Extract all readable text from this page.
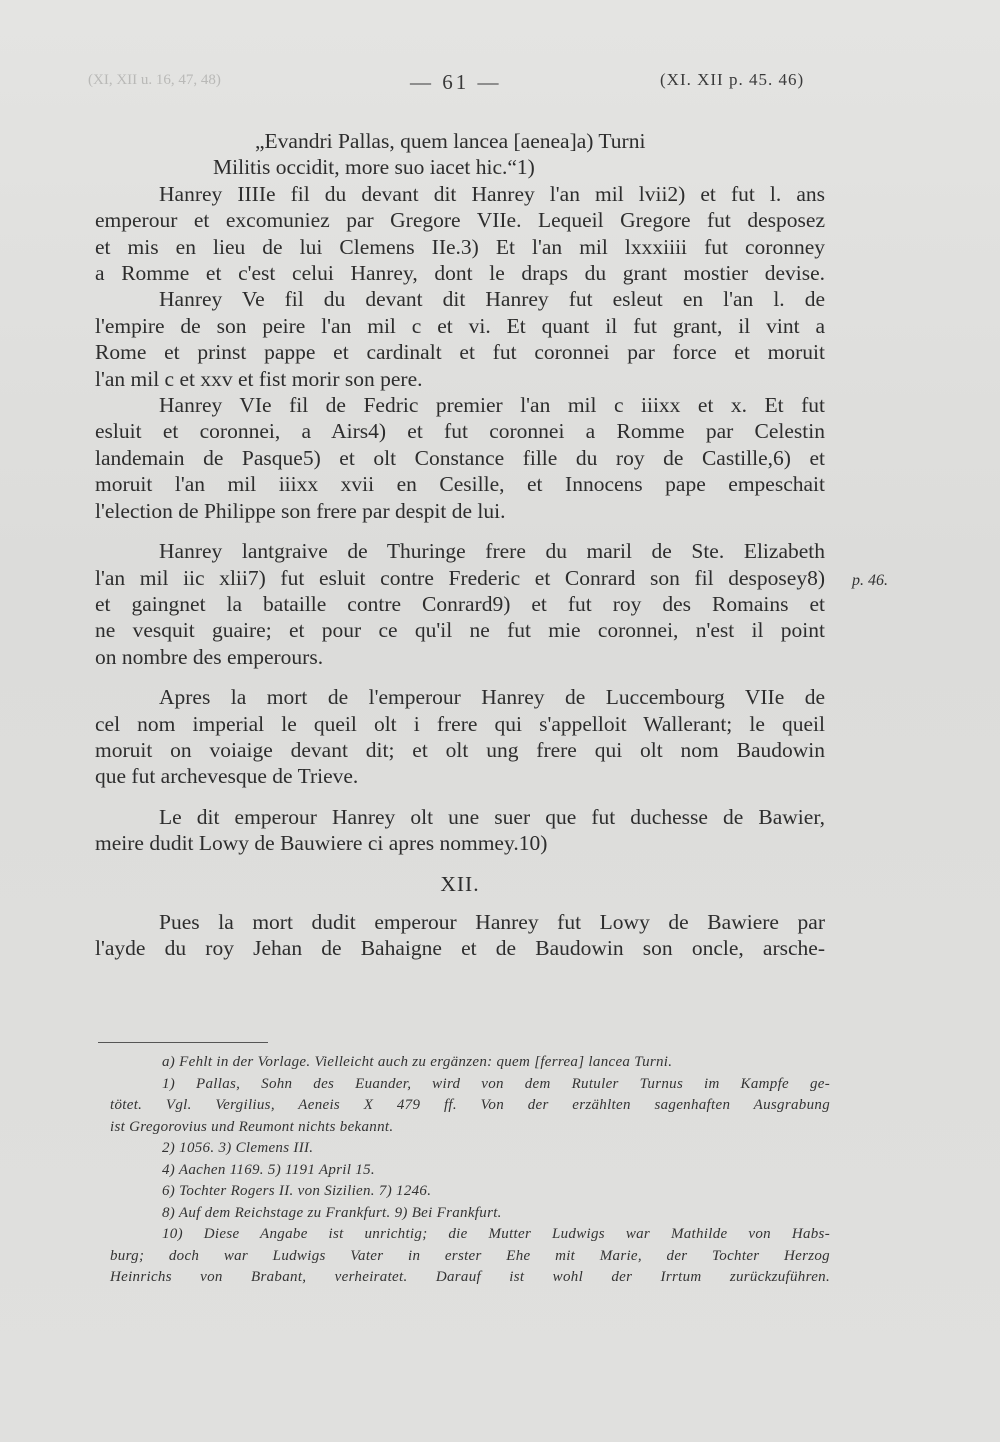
(XI, XII u. 16, 47, 48)	— 61 —	(XI. XII p. 45. 46)
„Evandri Pallas, quem lancea [aenea]a) Turni
Militis occidit, more suo iacet hic.“1)
Hanrey IIIIe fil du devant dit Hanrey l'an mil lvii2) et fut l. ans
emperour et excomuniez par Gregore VIIe. Lequeil Gregore fut desposez
et mis en lieu de lui Clemens IIe.3) Et l'an mil lxxxiiii fut coronney
a Romme et c'est celui Hanrey, dont le draps du grant mostier devise.
Hanrey Ve fil du devant dit Hanrey fut esleut en l'an l. de
l'empire de son peire l'an mil c et vi. Et quant il fut grant, il vint a
Rome et prinst pappe et cardinalt et fut coronnei par force et moruit
l'an mil c et xxv et fist morir son pere.
Hanrey VIe fil de Fedric premier l'an mil c iiixx et x. Et fut
esluit et coronnei, a Airs4) et fut coronnei a Romme par Celestin
landemain de Pasque5) et olt Constance fille du roy de Castille,6) et
moruit l'an mil iiixx xvii en Cesille, et Innocens pape empeschait
l'election de Philippe son frere par despit de lui.
Hanrey lantgraive de Thuringe frere du maril de Ste. Elizabeth
l'an mil iic xlii7) fut esluit contre Frederic et Conrard son fil desposey8)
et gaingnet la bataille contre Conrard9) et fut roy des Romains et
ne vesquit guaire; et pour ce qu'il ne fut mie coronnei, n'est il point
on nombre des emperours.
Apres la mort de l'emperour Hanrey de Luccembourg VIIe de
cel nom imperial le queil olt i frere qui s'appelloit Wallerant; le queil
moruit on voiaige devant dit; et olt ung frere qui olt nom Baudowin
que fut archevesque de Trieve.
Le dit emperour Hanrey olt une suer que fut duchesse de Bawier,
meire dudit Lowy de Bauwiere ci apres nommey.10)
XII.
Pues la mort dudit emperour Hanrey fut Lowy de Bawiere par
l'ayde du roy Jehan de Bahaigne et de Baudowin son oncle, arsche-
p. 46.
a) Fehlt in der Vorlage. Vielleicht auch zu ergänzen: quem [ferrea] lancea Turni.
1) Pallas, Sohn des Euander, wird von dem Rutuler Turnus im Kampfe ge-
tötet. Vgl. Vergilius, Aeneis X 479 ff. Von der erzählten sagenhaften Ausgrabung
ist Gregorovius und Reumont nichts bekannt.
2) 1056. 3) Clemens III.
4) Aachen 1169. 5) 1191 April 15.
6) Tochter Rogers II. von Sizilien. 7) 1246.
8) Auf dem Reichstage zu Frankfurt. 9) Bei Frankfurt.
10) Diese Angabe ist unrichtig; die Mutter Ludwigs war Mathilde von Habs-
burg; doch war Ludwigs Vater in erster Ehe mit Marie, der Tochter Herzog
Heinrichs von Brabant, verheiratet. Darauf ist wohl der Irrtum zurückzuführen.
